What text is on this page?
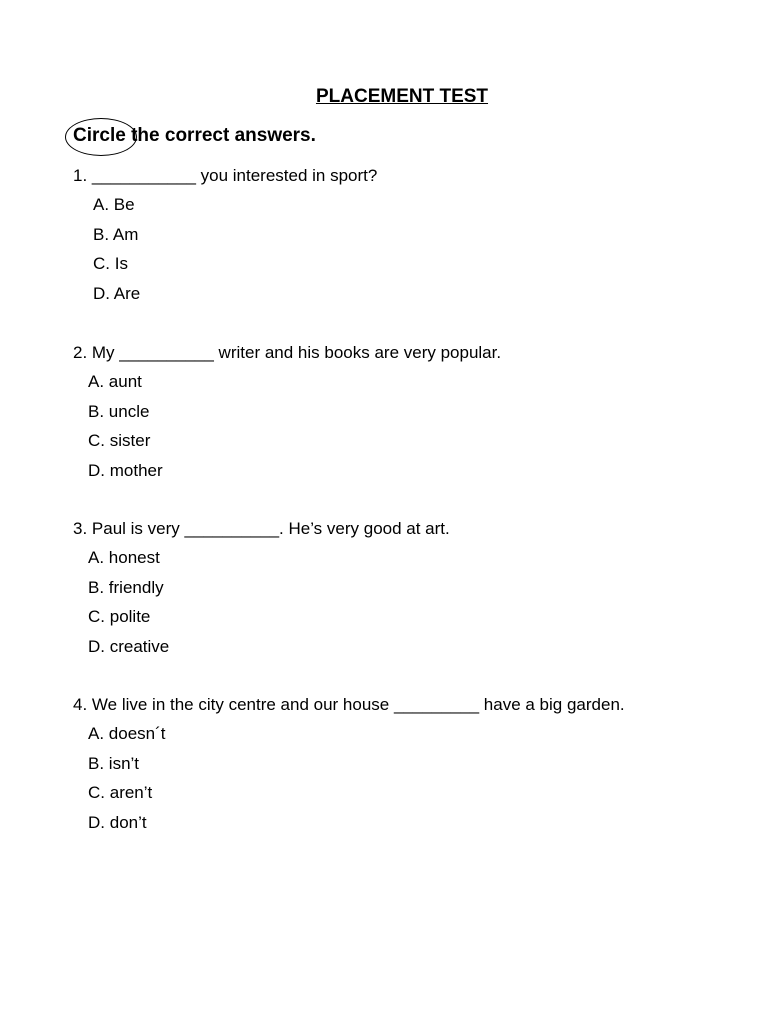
PLACEMENT TEST
Circle the correct answers.
1. ___________ you interested in sport?
A . Be
B . Am
C . Is
D . Are
2. My __________ writer and his books are very popular.
A . aunt
B . uncle
C . sister
D . mother
3. Paul is very __________. He’s very good at art.
A . honest
B . friendly
C . polite
D . creative
4. We live in the city centre and our house _________ have a big garden.
A . doesn´t
B . isn’t
C . aren’t
D . don’t
